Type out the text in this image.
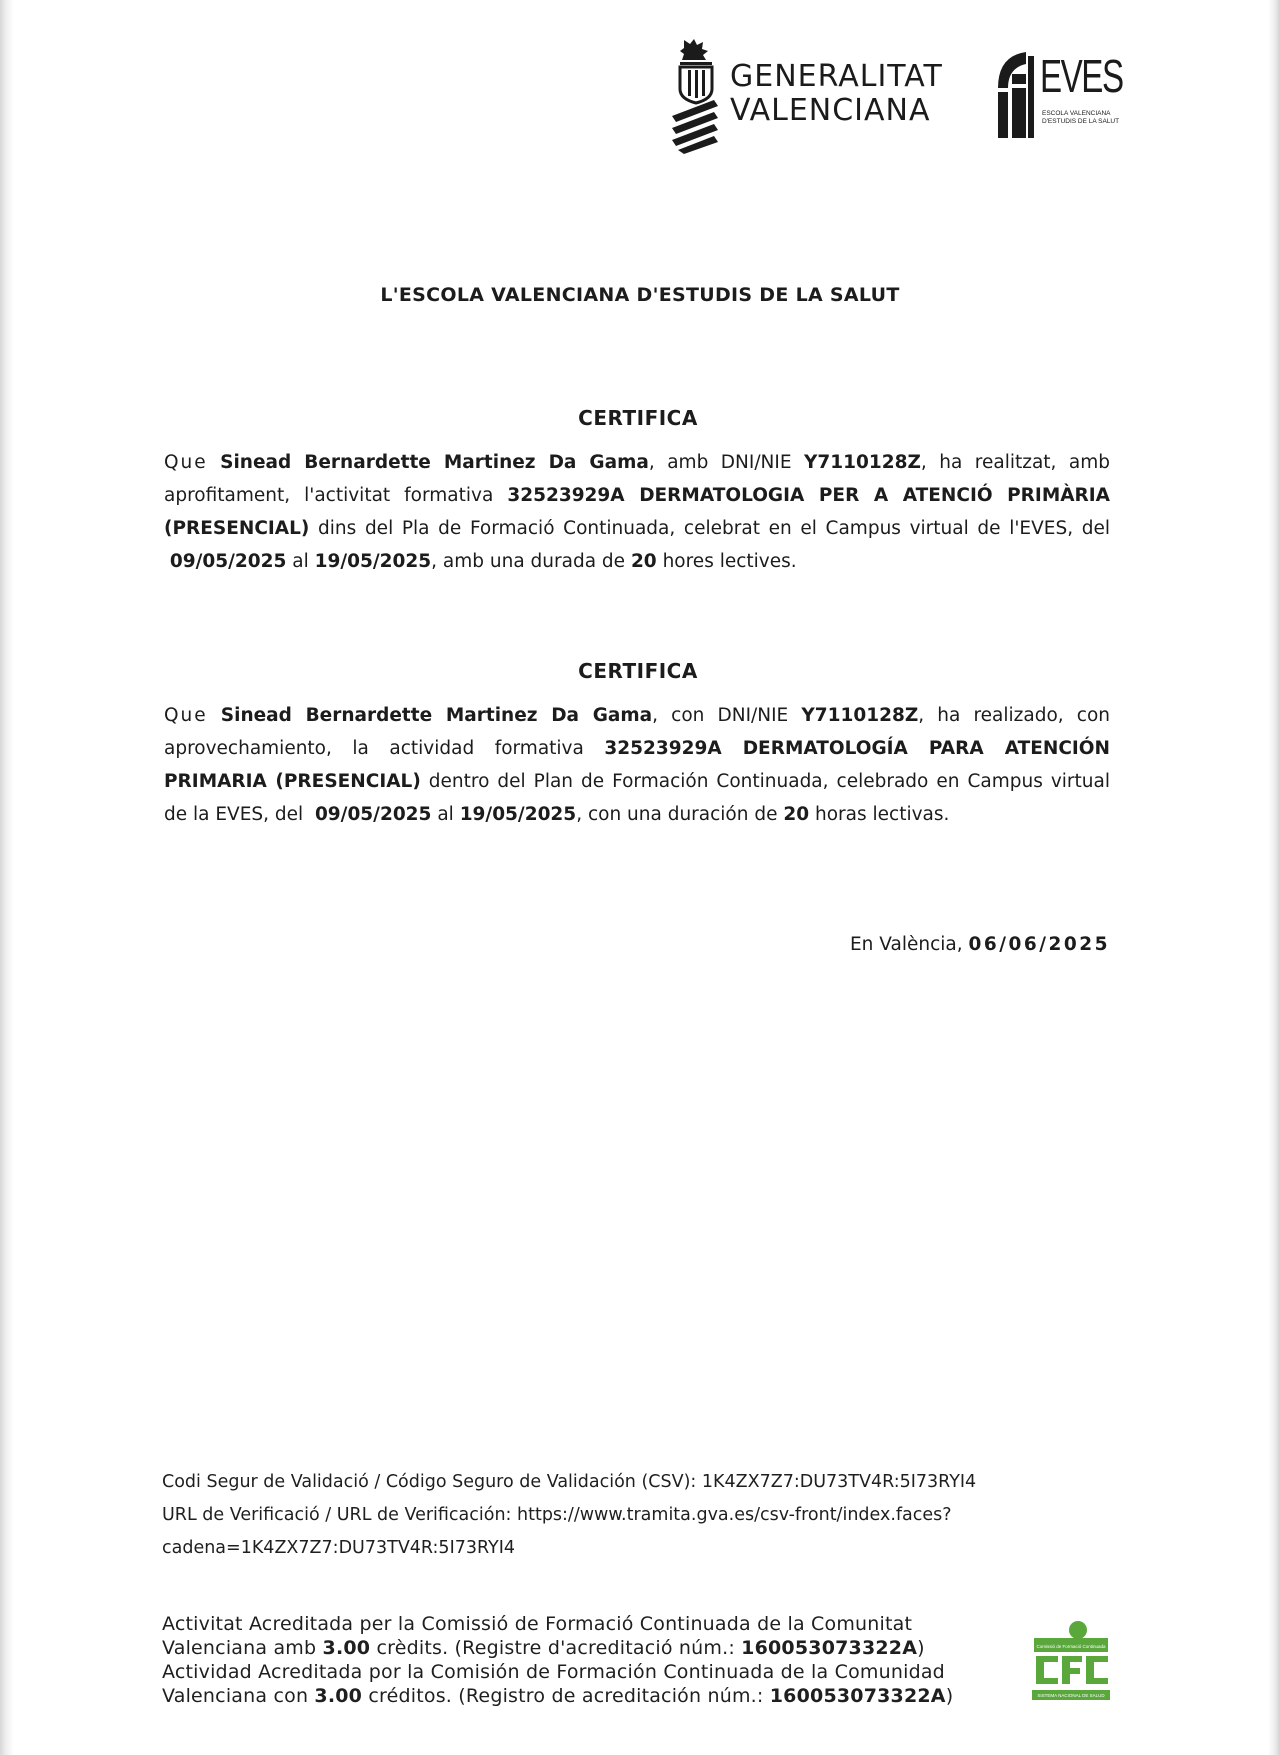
GENERALITAT
VALENCIANA
EVES
ESCOLA VALENCIANA
D'ESTUDIS DE LA SALUT
L'ESCOLA VALENCIANA D'ESTUDIS DE LA SALUT
CERTIFICA
Que Sinead Bernardette Martinez Da Gama, amb DNI/NIE Y7110128Z, ha realitzat, amb aprofitament, l'activitat formativa 32523929A DERMATOLOGIA PER A ATENCIÓ PRIMÀRIA (PRESENCIAL) dins del Pla de Formació Continuada, celebrat en el Campus virtual de l'EVES, del  09/05/2025 al 19/05/2025, amb una durada de 20 hores lectives.
CERTIFICA
Que Sinead Bernardette Martinez Da Gama, con DNI/NIE Y7110128Z, ha realizado, con aprovechamiento, la actividad formativa 32523929A DERMATOLOGÍA PARA ATENCIÓN PRIMARIA (PRESENCIAL) dentro del Plan de Formación Continuada, celebrado en Campus virtual de la EVES, del  09/05/2025 al 19/05/2025, con una duración de 20 horas lectivas.
En València, 06/06/2025
Codi Segur de Validació / Código Seguro de Validación (CSV): 1K4ZX7Z7:DU73TV4R:5I73RYI4
URL de Verificació / URL de Verificación: https://www.tramita.gva.es/csv-front/index.faces?
cadena=1K4ZX7Z7:DU73TV4R:5I73RYI4
Activitat Acreditada per la Comissió de Formació Continuada de la Comunitat Valenciana amb 3.00 crèdits. (Registre d'acreditació núm.: 160053073322A)
Actividad Acreditada por la Comisión de Formación Continuada de la Comunidad Valenciana con 3.00 créditos. (Registro de acreditación núm.: 160053073322A)
Comissió de Formació Continuada
SISTEMA NACIONAL DE SALUD
